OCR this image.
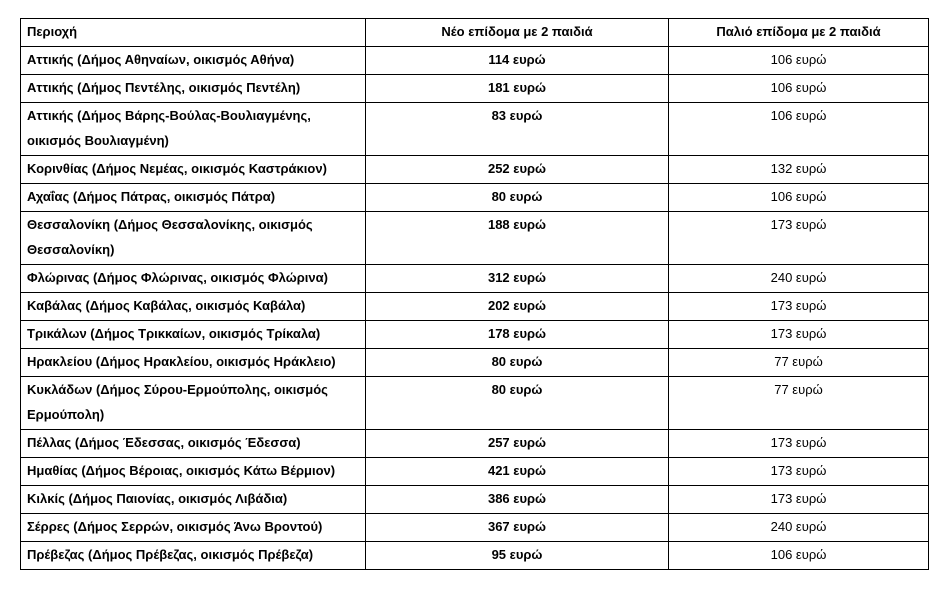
Περιοχή	Νέο επίδομα με 2 παιδιά	Παλιό επίδομα με 2 παιδιά
Αττικής (Δήμος Αθηναίων, οικισμός Αθήνα)	114 ευρώ	106 ευρώ
Αττικής (Δήμος Πεντέλης, οικισμός Πεντέλη)	181 ευρώ	106 ευρώ
Αττικής (Δήμος Βάρης-Βούλας-Βουλιαγμένης, οικισμός Βουλιαγμένη)	83 ευρώ	106 ευρώ
Κορινθίας (Δήμος Νεμέας, οικισμός Καστράκιον)	252 ευρώ	132 ευρώ
Αχαΐας (Δήμος Πάτρας, οικισμός Πάτρα)	80 ευρώ	106 ευρώ
Θεσσαλονίκη (Δήμος Θεσσαλονίκης, οικισμός Θεσσαλονίκη)	188 ευρώ	173 ευρώ
Φλώρινας (Δήμος Φλώρινας, οικισμός Φλώρινα)	312 ευρώ	240 ευρώ
Καβάλας (Δήμος Καβάλας, οικισμός Καβάλα)	202 ευρώ	173 ευρώ
Τρικάλων (Δήμος Τρικκαίων, οικισμός Τρίκαλα)	178 ευρώ	173 ευρώ
Ηρακλείου (Δήμος Ηρακλείου, οικισμός Ηράκλειο)	80 ευρώ	77 ευρώ
Κυκλάδων (Δήμος Σύρου-Ερμούπολης, οικισμός Ερμούπολη)	80 ευρώ	77 ευρώ
Πέλλας (Δήμος Έδεσσας, οικισμός Έδεσσα)	257 ευρώ	173 ευρώ
Ημαθίας (Δήμος Βέροιας, οικισμός Κάτω Βέρμιον)	421 ευρώ	173 ευρώ
Κιλκίς (Δήμος Παιονίας, οικισμός Λιβάδια)	386 ευρώ	173 ευρώ
Σέρρες (Δήμος Σερρών, οικισμός Άνω Βροντού)	367 ευρώ	240 ευρώ
Πρέβεζας (Δήμος Πρέβεζας, οικισμός Πρέβεζα)	95 ευρώ	106 ευρώ
